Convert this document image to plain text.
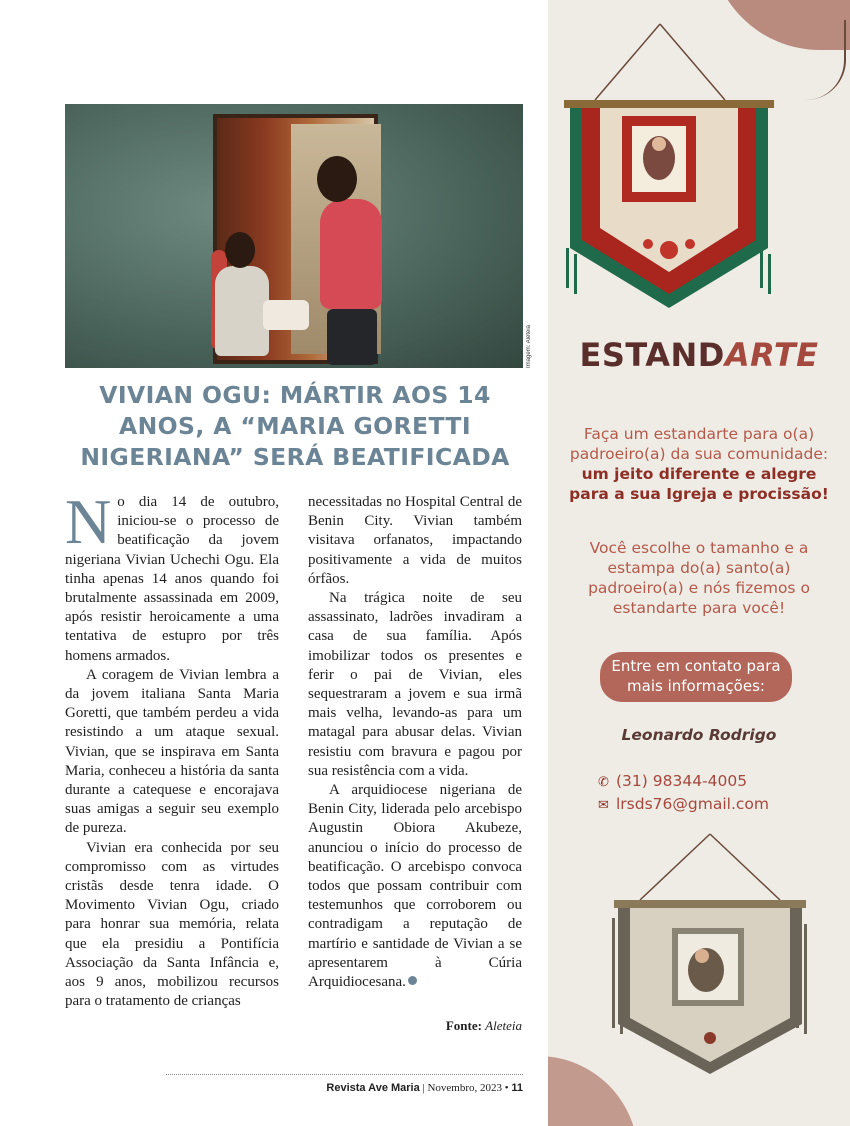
Imagem: Aleteia
VIVIAN OGU: MÁRTIR AOS 14 ANOS, A “MARIA GORETTI NIGERIANA” SERÁ BEATIFICADA

No dia 14 de outubro, iniciou-se o processo de beatificação da jovem nigeriana Vivian Uchechi Ogu. Ela tinha apenas 14 anos quando foi brutalmente assassinada em 2009, após resistir heroicamente a uma tentativa de estupro por três homens armados.

A coragem de Vivian lembra a da jovem italiana Santa Maria Goretti, que também perdeu a vida resistindo a um ataque sexual. Vivian, que se inspirava em Santa Maria, conheceu a história da santa durante a catequese e encorajava suas amigas a seguir seu exemplo de pureza.

Vivian era conhecida por seu compromisso com as virtudes cristãs desde tenra idade. O Movimento Vivian Ogu, criado para honrar sua memória, relata que ela presidiu a Pontifícia Associação da Santa Infância e, aos 9 anos, mobilizou recursos para o tratamento de crianças

necessitadas no Hospital Central de Benin City. Vivian também visitava orfanatos, impactando positivamente a vida de muitos órfãos.

Na trágica noite de seu assassinato, ladrões invadiram a casa de sua família. Após imobilizar todos os presentes e ferir o pai de Vivian, eles sequestraram a jovem e sua irmã mais velha, levando-as para um matagal para abusar delas. Vivian resistiu com bravura e pagou por sua resistência com a vida.

A arquidiocese nigeriana de Benin City, liderada pelo arcebispo Augustin Obiora Akubeze, anunciou o início do processo de beatificação. O arcebispo convoca todos que possam contribuir com testemunhos que corroborem ou contradigam a reputação de martírio e santidade de Vivian a se apresentarem à Cúria Arquidiocesana.

Fonte: Aleteia
Revista Ave Maria | Novembro, 2023 • 11
ESTANDARTE
Faça um estandarte para o(a) padroeiro(a) da sua comunidade:
um jeito diferente e alegre para a sua Igreja e procissão!
Você escolhe o tamanho e a estampa do(a) santo(a) padroeiro(a) e nós fizemos o estandarte para você!
Entre em contato para mais informações:
Leonardo Rodrigo
✆ (31) 98344-4005
✉ lrsds76@gmail.com
